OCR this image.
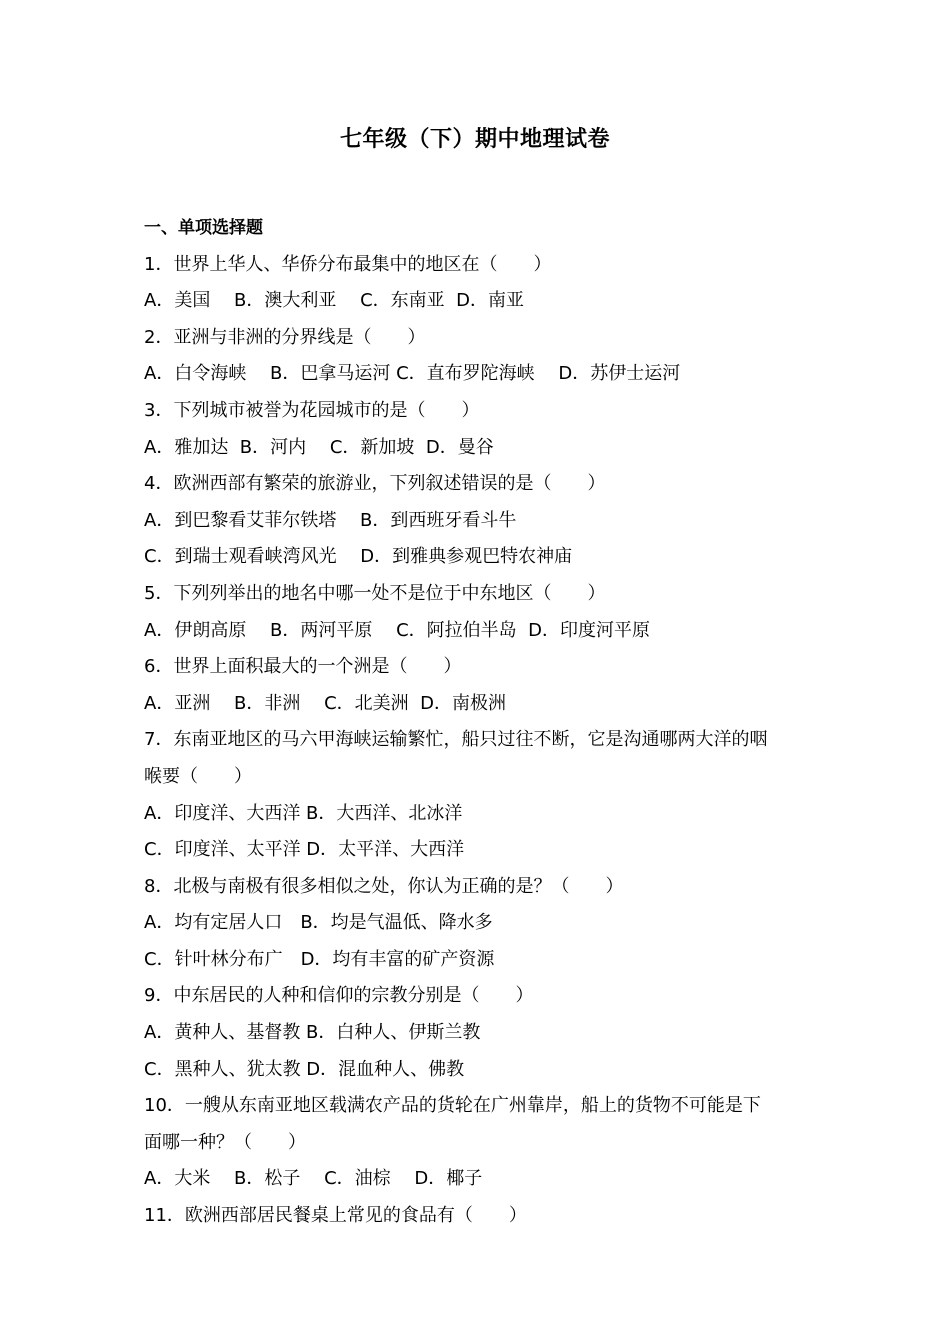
七年级（下）期中地理试卷
一、单项选择题
1．世界上华人、华侨分布最集中的地区在（　　）
A．美国　 B．澳大利亚　 C．东南亚  D．南亚
2．亚洲与非洲的分界线是（　　）
A．白令海峡　 B．巴拿马运河 C．直布罗陀海峡　 D．苏伊士运河
3．下列城市被誉为花园城市的是（　　）
A．雅加达  B．河内　 C．新加坡  D．曼谷
4．欧洲西部有繁荣的旅游业，下列叙述错误的是（　　）
A．到巴黎看艾菲尔铁塔　 B．到西班牙看斗牛
C．到瑞士观看峡湾风光　 D．到雅典参观巴特农神庙
5．下列列举出的地名中哪一处不是位于中东地区（　　）
A．伊朗高原　 B．两河平原　 C．阿拉伯半岛  D．印度河平原
6．世界上面积最大的一个洲是（　　）
A．亚洲　 B．非洲　 C．北美洲  D．南极洲
7．东南亚地区的马六甲海峡运输繁忙，船只过往不断，它是沟通哪两大洋的咽
喉要（　　）
A．印度洋、大西洋 B．大西洋、北冰洋
C．印度洋、太平洋 D．太平洋、大西洋
8．北极与南极有很多相似之处，你认为正确的是？（　　）
A．均有定居人口　B．均是气温低、降水多
C．针叶林分布广　D．均有丰富的矿产资源
9．中东居民的人种和信仰的宗教分别是（　　）
A．黄种人、基督教 B．白种人、伊斯兰教
C．黑种人、犹太教 D．混血种人、佛教
10．一艘从东南亚地区载满农产品的货轮在广州靠岸，船上的货物不可能是下
面哪一种？（　　）
A．大米　 B．松子　 C．油棕　 D．椰子
11．欧洲西部居民餐桌上常见的食品有（　　）
